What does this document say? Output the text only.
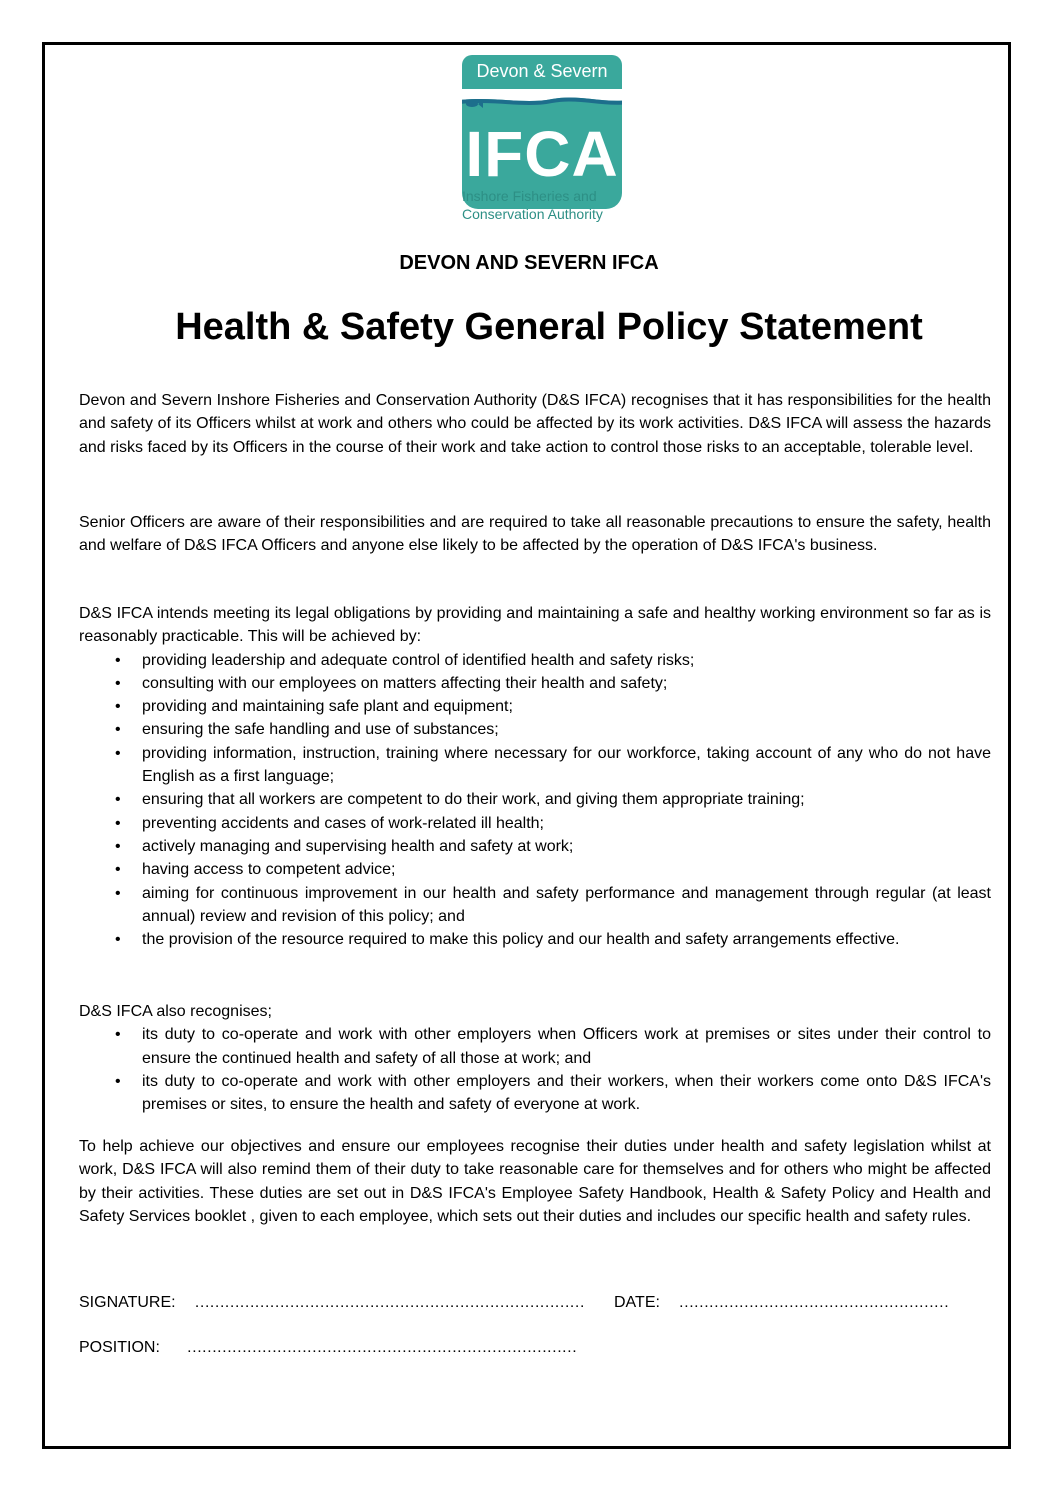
Devon & Severn
IFCA
Inshore Fisheries and
Conservation Authority
DEVON AND SEVERN IFCA
Health & Safety General Policy Statement

Devon and Severn Inshore Fisheries and Conservation Authority (D&S IFCA) recognises that it has responsibilities for the health and safety of its Officers whilst at work and others who could be affected by its work activities. D&S IFCA will assess the hazards and risks faced by its Officers in the course of their work and take action to control those risks to an acceptable, tolerable level.

Senior Officers are aware of their responsibilities and are required to take all reasonable precautions to ensure the safety, health and welfare of D&S IFCA Officers and anyone else likely to be affected by the operation of D&S IFCA's business.

D&S IFCA intends meeting its legal obligations by providing and maintaining a safe and healthy working environment so far as is reasonably practicable. This will be achieved by:

• providing leadership and adequate control of identified health and safety risks;
• consulting with our employees on matters affecting their health and safety;
• providing and maintaining safe plant and equipment;
• ensuring the safe handling and use of substances;
• providing information, instruction, training where necessary for our workforce, taking account of any who do not have English as a first language;
• ensuring that all workers are competent to do their work, and giving them appropriate training;
• preventing accidents and cases of work-related ill health;
• actively managing and supervising health and safety at work;
• having access to competent advice;
• aiming for continuous improvement in our health and safety performance and management through regular (at least annual) review and revision of this policy; and
• the provision of the resource required to make this policy and our health and safety arrangements effective.

D&S IFCA also recognises;

• its duty to co-operate and work with other employers when Officers work at premises or sites under their control to ensure the continued health and safety of all those at work; and
• its duty to co-operate and work with other employers and their workers, when their workers come onto D&S IFCA's premises or sites, to ensure the health and safety of everyone at work.

To help achieve our objectives and ensure our employees recognise their duties under health and safety legislation whilst at work, D&S IFCA will also remind them of their duty to take reasonable care for themselves and for others who might be affected by their activities. These duties are set out in D&S IFCA's Employee Safety Handbook, Health & Safety Policy and Health and Safety Services booklet , given to each employee, which sets out their duties and includes our specific health and safety rules.

SIGNATURE: …………………………………………………………………… DATE: ………………………………………………
POSITION: ……………………………………………………………………
